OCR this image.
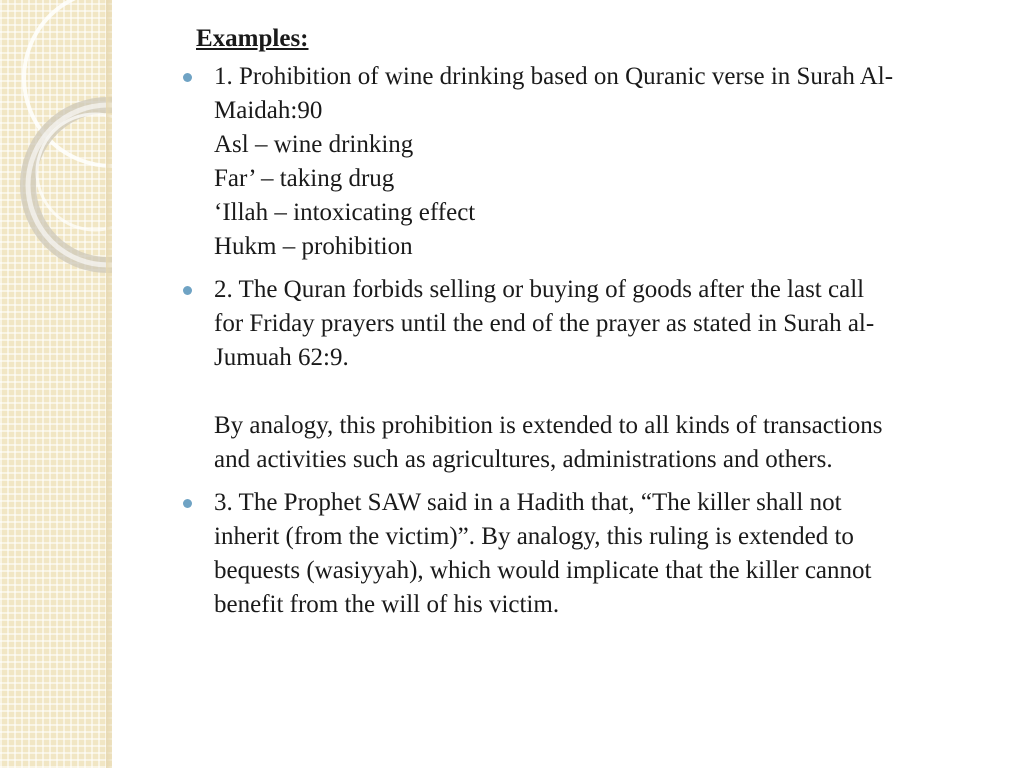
Examples:
1. Prohibition of wine drinking based on Quranic verse in Surah Al-
Maidah:90
Asl – wine drinking
Far’ – taking drug
‘Illah – intoxicating effect
Hukm – prohibition
2. The Quran forbids selling or buying of goods after the last call
for Friday prayers until the end of the prayer as stated in Surah al-
Jumuah 62:9.
By analogy, this prohibition is extended to all kinds of transactions
and activities such as agricultures, administrations and others.
3. The Prophet SAW said in a Hadith that, “The killer shall not
inherit (from the victim)”. By analogy, this ruling is extended to
bequests (wasiyyah), which would implicate that the killer cannot
benefit from the will of his victim.
